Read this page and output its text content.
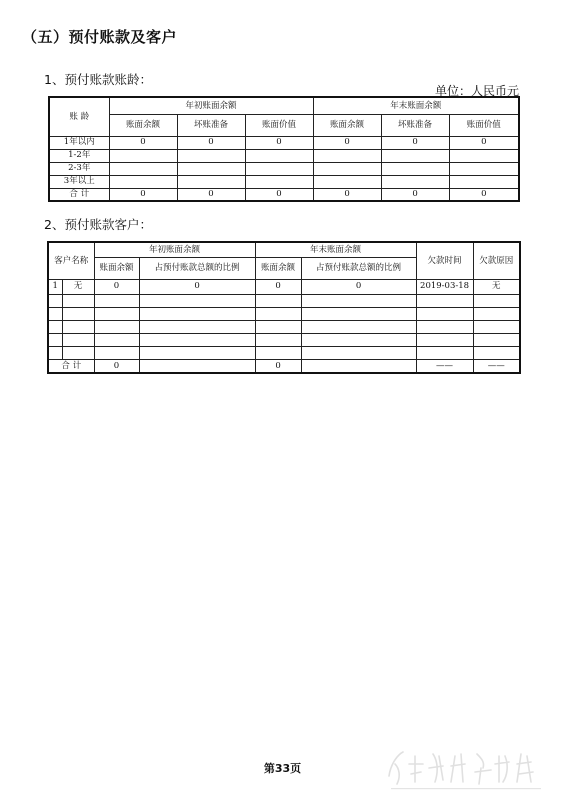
（五）预付账款及客户
1、预付账款账龄：
单位：人民币元
账 龄	年初账面余额			年末账面余额		
	账面余额	坏账准备	账面价值	账面余额	坏账准备	账面价值
1年以内	0	0	0	0	0	0
1-2年						
2-3年						
3年以上						
合 计	0	0	0	0	0	0
2、预付账款客户：
客户名称		年初账面余额		年末账面余额		欠款时间	欠款原因
		账面余额	占预付账款总额的比例	账面余额	占预付账款总额的比例		
1	无	0	0	0	0	2019-03-18	无

合 计		0		0		——	——
第33页
